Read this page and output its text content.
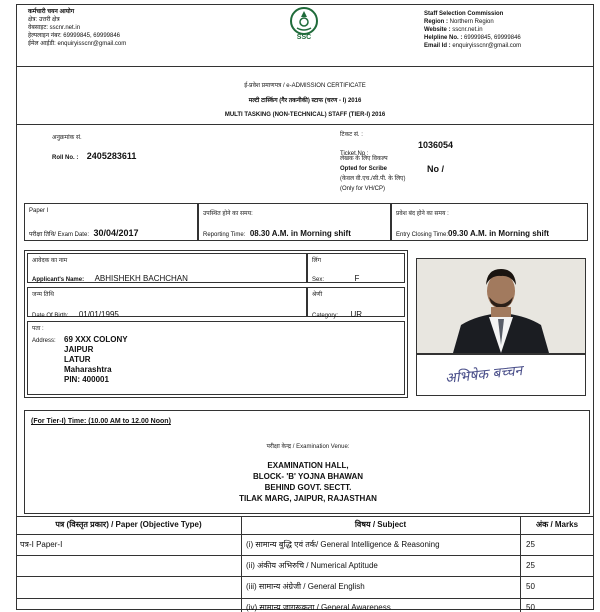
कर्मचारी चयन आयोग
क्षेत्र: उत्तरी क्षेत्र
वेबसाइट: sscnr.net.in
हेल्पलाइन नंबर: 69999845, 69999846
ईमेल आईडी: enquiryisscnr@gmail.com
SSC
Staff Selection Commission
Region : Northern Region
Website : sscnr.net.in
Helpline No. : 69999845, 69999846
Email Id : enquiryisscnr@gmail.com
ई-प्रवेश प्रमाणपत्र / e-ADMISSION CERTIFICATE
मल्टी टास्किंग (गैर तकनीकी) स्टाफ (चरण - I) 2016
MULTI TASKING (NON-TECHNICAL) STAFF (TIER-I) 2016
अनुक्रमांक सं.
Roll No. : 2405283611
टिकट सं. :
Ticket No :
1036054
लेखक के लिए विकल्प
Opted for Scribe	No /
(केवल वी.एच./सी.पी. के लिए)
(Only for VH/CP)
Paper I
परीक्षा तिथि/ Exam Date: 30/04/2017
उपस्थित होने का समय:
Reporting Time: 08.30 A.M. in Morning shift
प्रवेश बंद होने का समय :
Entry Closing Time:09.30 A.M. in Morning shift
आवेदक का नाम
Applicant's Name: ABHISHEKH BACHCHAN
लिंग
Sex:	F
जन्म तिथि
Date Of Birth: 01/01/1995
श्रेणी
Category: UR
पता :
Address: 69 XXX COLONY
JAIPUR
LATUR
Maharashtra
PIN: 400001	अभिषेक बच्चन
(For Tier-I) Time: (10.00 AM to 12.00 Noon)
परीक्षा केन्द्र / Examination Venue:
EXAMINATION HALL,
BLOCK- 'B' YOJNA BHAWAN
BEHIND GOVT. SECTT.
TILAK MARG, JAIPUR, RAJASTHAN
पत्र (विस्तृत प्रकार) / Paper (Objective Type)	विषय / Subject	अंक / Marks
पत्र-I Paper-I	(i) सामान्य बुद्धि एवं तर्क/ General Intelligence & Reasoning	25
(ii) अंकीय अभिरुचि / Numerical Aptitude	25
(iii) सामान्य अंग्रेजी / General English	50
(iv) सामान्य जागरूकता / General Awareness	50
